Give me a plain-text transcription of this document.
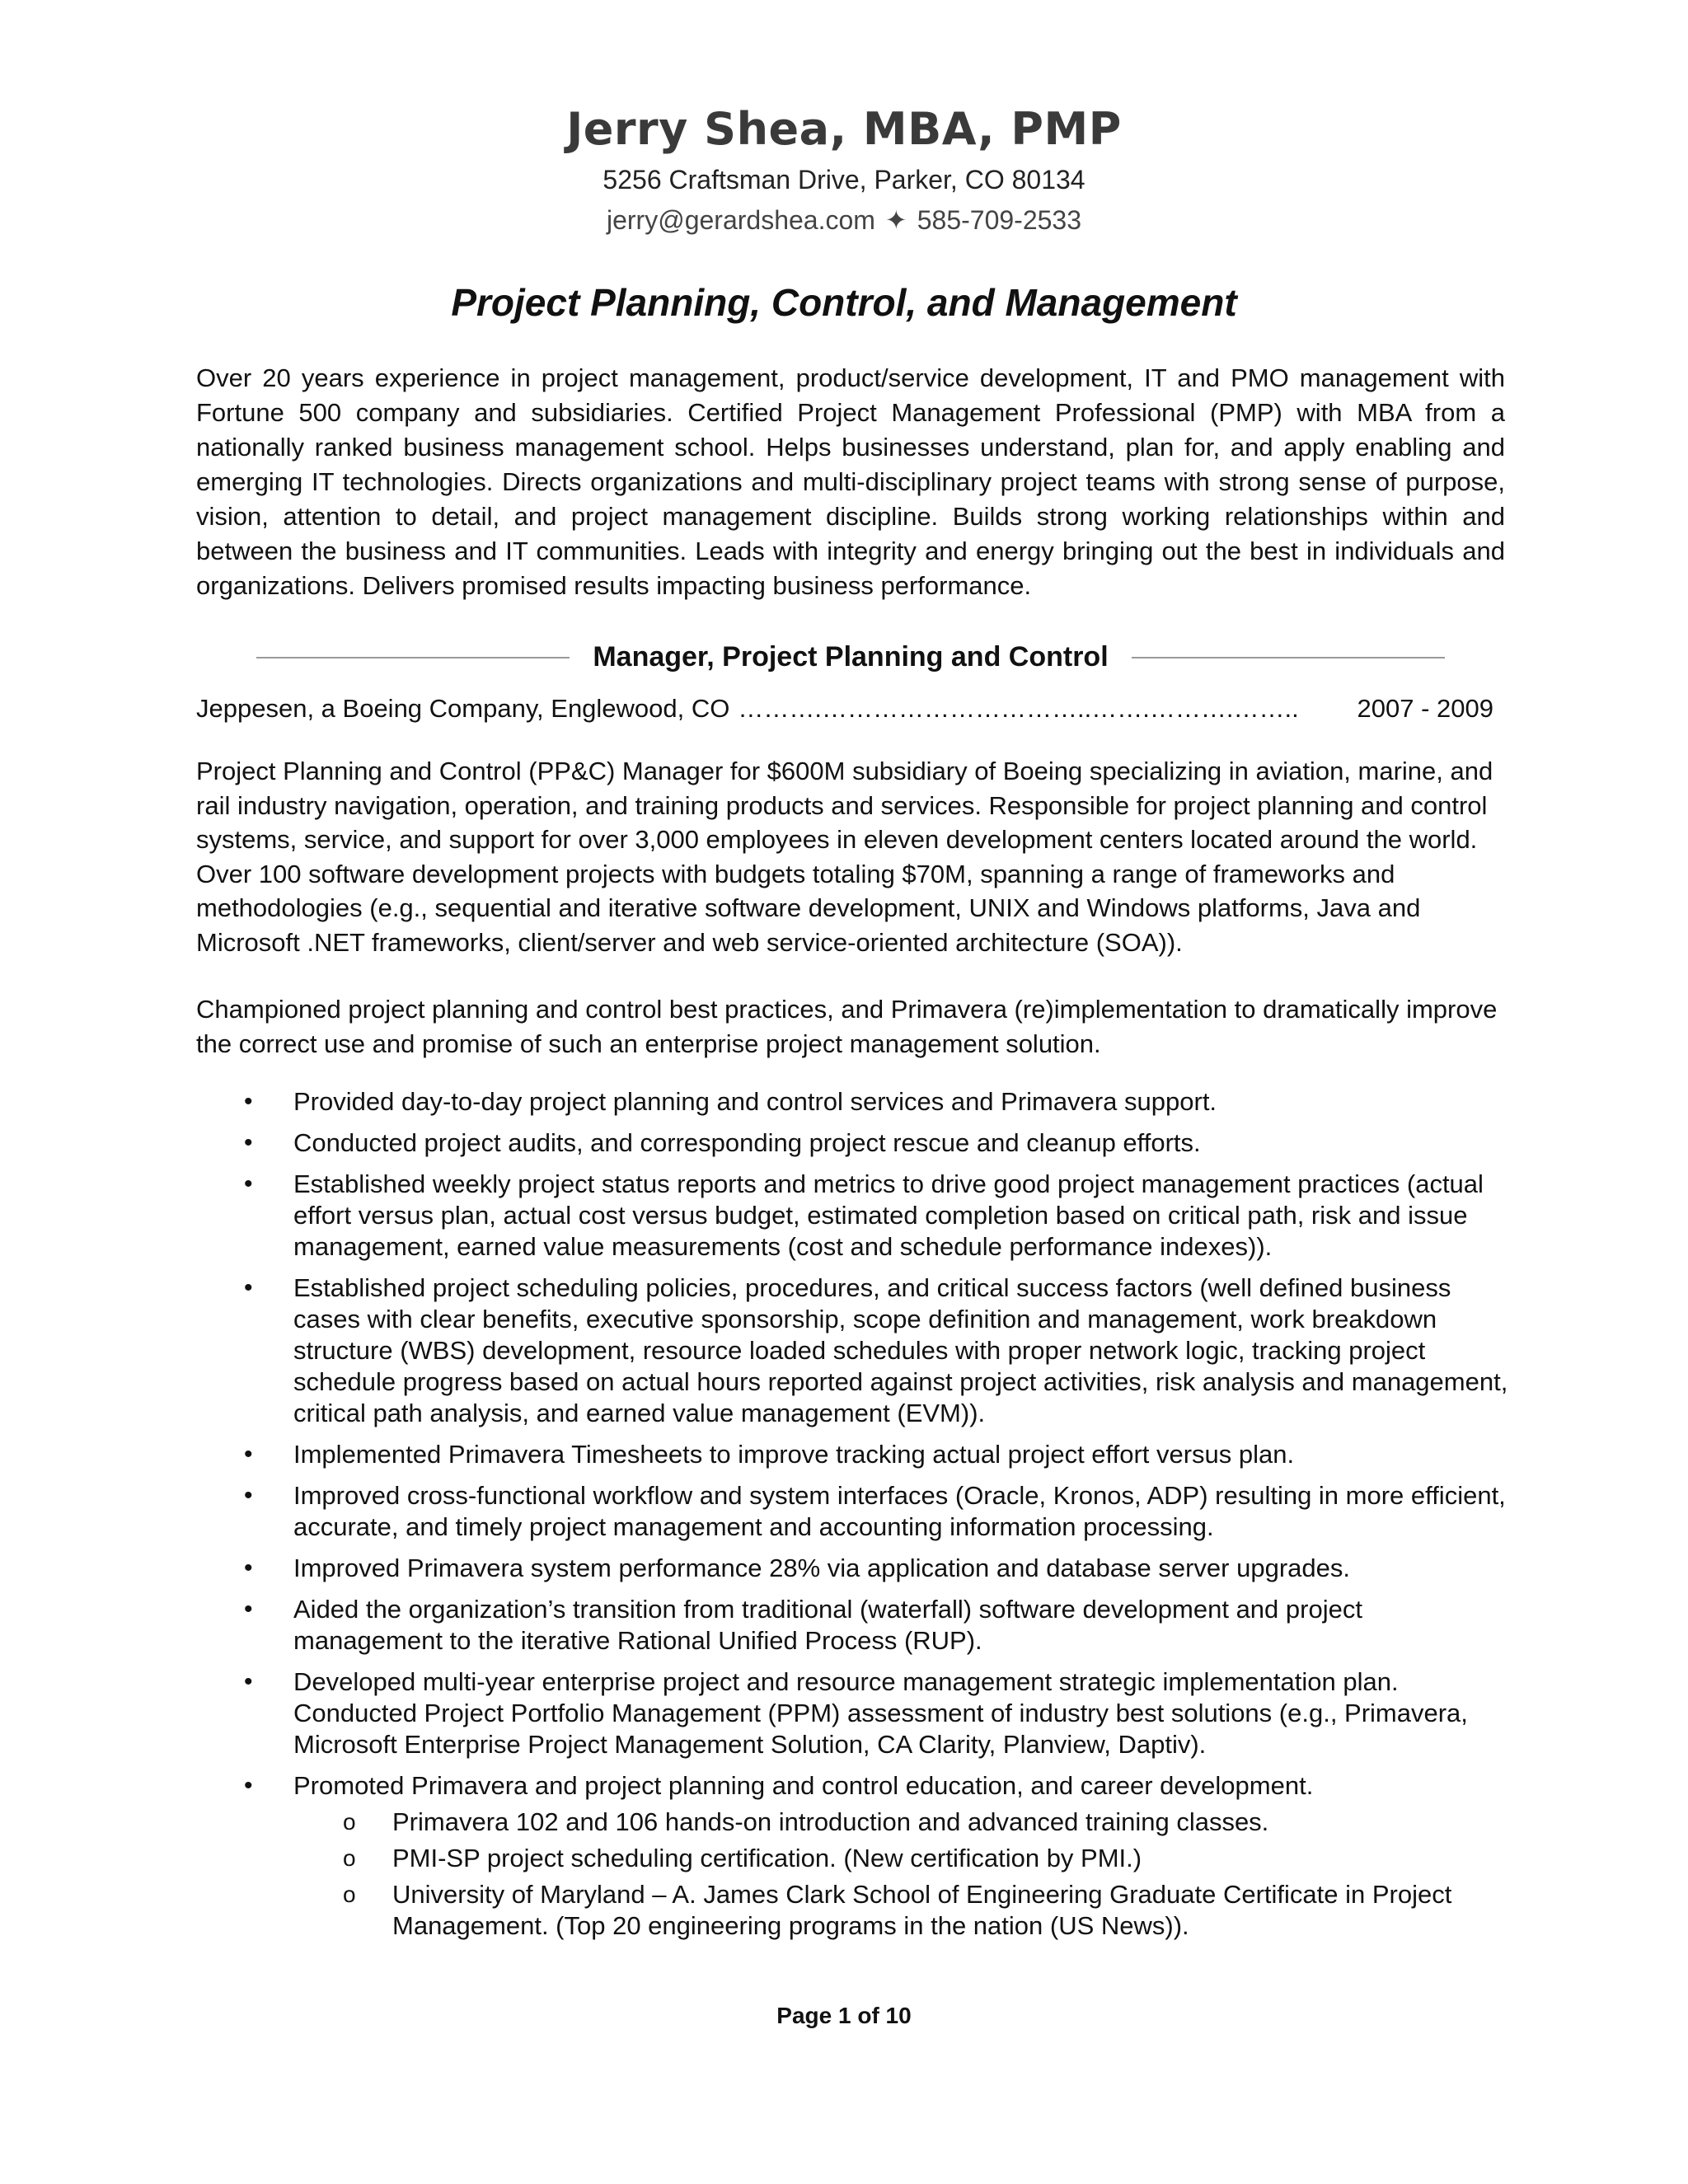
Jerry Shea, MBA, PMP
5256 Craftsman Drive, Parker, CO 80134
jerry@gerardshea.com ✦ 585-709-2533
Project Planning, Control, and Management

Over 20 years experience in project management, product/service development, IT and PMO management with Fortune 500 company and subsidiaries. Certified Project Management Professional (PMP) with MBA from a nationally ranked business management school. Helps businesses understand, plan for, and apply enabling and emerging IT technologies. Directs organizations and multi-disciplinary project teams with strong sense of purpose, vision, attention to detail, and project management discipline. Builds strong working relationships within and between the business and IT communities. Leads with integrity and energy bringing out the best in individuals and organizations. Delivers promised results impacting business performance.

Manager, Project Planning and Control
Jeppesen, a Boeing Company, Englewood, CO ……….…………………………..…….……….……..	2007 - 2009

Project Planning and Control (PP&C) Manager for $600M subsidiary of Boeing specializing in aviation, marine, and rail industry navigation, operation, and training products and services. Responsible for project planning and control systems, service, and support for over 3,000 employees in eleven development centers located around the world. Over 100 software development projects with budgets totaling $70M, spanning a range of frameworks and methodologies (e.g., sequential and iterative software development, UNIX and Windows platforms, Java and Microsoft .NET frameworks, client/server and web service-oriented architecture (SOA)).

Championed project planning and control best practices, and Primavera (re)implementation to dramatically improve the correct use and promise of such an enterprise project management solution.

• Provided day-to-day project planning and control services and Primavera support.
• Conducted project audits, and corresponding project rescue and cleanup efforts.
• Established weekly project status reports and metrics to drive good project management practices (actual effort versus plan, actual cost versus budget, estimated completion based on critical path, risk and issue management, earned value measurements (cost and schedule performance indexes)).
• Established project scheduling policies, procedures, and critical success factors (well defined business cases with clear benefits, executive sponsorship, scope definition and management, work breakdown structure (WBS) development, resource loaded schedules with proper network logic, tracking project schedule progress based on actual hours reported against project activities, risk analysis and management, critical path analysis, and earned value management (EVM)).
• Implemented Primavera Timesheets to improve tracking actual project effort versus plan.
• Improved cross-functional workflow and system interfaces (Oracle, Kronos, ADP) resulting in more efficient, accurate, and timely project management and accounting information processing.
• Improved Primavera system performance 28% via application and database server upgrades.
• Aided the organization’s transition from traditional (waterfall) software development and project management to the iterative Rational Unified Process (RUP).
• Developed multi-year enterprise project and resource management strategic implementation plan. Conducted Project Portfolio Management (PPM) assessment of industry best solutions (e.g., Primavera, Microsoft Enterprise Project Management Solution, CA Clarity, Planview, Daptiv).
• Promoted Primavera and project planning and control education, and career development.
o Primavera 102 and 106 hands-on introduction and advanced training classes.
o PMI-SP project scheduling certification. (New certification by PMI.)
o University of Maryland – A. James Clark School of Engineering Graduate Certificate in Project Management. (Top 20 engineering programs in the nation (US News)).
Page 1 of 10
